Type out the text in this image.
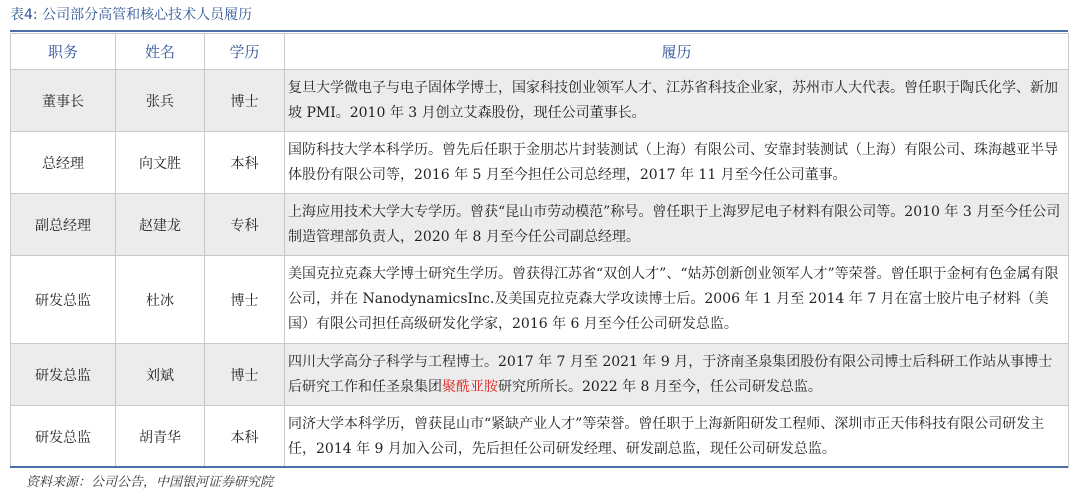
表4: 公司部分高管和核心技术人员履历
职务	姓名	学历	履历
董事长	张兵	博士	复旦大学微电子与电子固体学博士，国家科技创业领军人才、江苏省科技企业家，苏州市人大代表。曾任职于陶氏化学、新加坡 PMI。2010 年 3 月创立艾森股份，现任公司董事长。
总经理	向文胜	本科	国防科技大学本科学历。曾先后任职于金朋芯片封装测试（上海）有限公司、安靠封装测试（上海）有限公司、珠海越亚半导体股份有限公司等，2016 年 5 月至今担任公司总经理，2017 年 11 月至今任公司董事。
副总经理	赵建龙	专科	上海应用技术大学大专学历。曾获“昆山市劳动模范”称号。曾任职于上海罗尼电子材料有限公司等。2010 年 3 月至今任公司制造管理部负责人，2020 年 8 月至今任公司副总经理。
研发总监	杜冰	博士	美国克拉克森大学博士研究生学历。曾获得江苏省“双创人才”、“姑苏创新创业领军人才”等荣誉。曾任职于金柯有色金属有限公司，并在 NanodynamicsInc.及美国克拉克森大学攻读博士后。2006 年 1 月至 2014 年 7 月在富士胶片电子材料（美国）有限公司担任高级研发化学家，2016 年 6 月至今任公司研发总监。
研发总监	刘斌	博士	四川大学高分子科学与工程博士。2017 年 7 月至 2021 年 9 月，于济南圣泉集团股份有限公司博士后科研工作站从事博士后研究工作和任圣泉集团聚酰亚胺研究所所长。2022 年 8 月至今，任公司研发总监。
研发总监	胡青华	本科	同济大学本科学历，曾获昆山市“紧缺产业人才”等荣誉。曾任职于上海新阳研发工程师、深圳市正天伟科技有限公司研发主任，2014 年 9 月加入公司，先后担任公司研发经理、研发副总监，现任公司研发总监。
资料来源：公司公告，中国银河证券研究院
